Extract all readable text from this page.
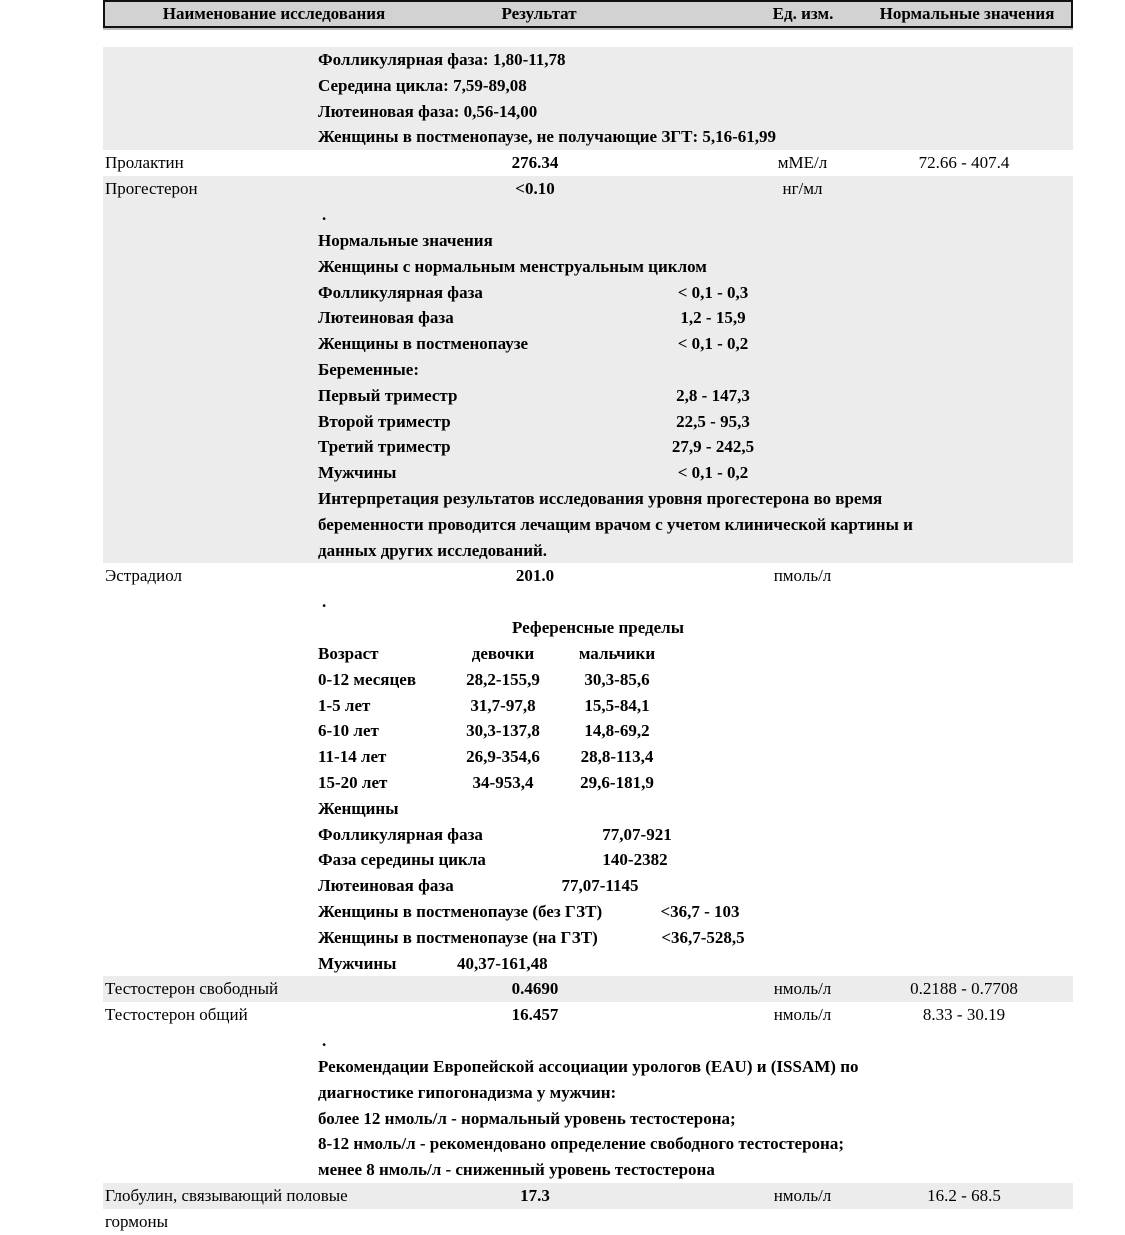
Наименование исследования	Результат	Ед. изм.	Нормальные значения
Фолликулярная фаза: 1,80-11,78
Середина цикла: 7,59-89,08
Лютеиновая фаза: 0,56-14,00
Женщины в постменопаузе, не получающие ЗГТ: 5,16-61,99
Пролактин	276.34	мМЕ/л	72.66 - 407.4
Прогестерон	<0.10	нг/мл
.
Нормальные значения
Женщины с нормальным менструальным циклом
Фолликулярная фаза	< 0,1 - 0,3
Лютеиновая фаза	1,2 - 15,9
Женщины в постменопаузе	< 0,1 - 0,2
Беременные:
Первый триместр	2,8 - 147,3
Второй триместр	22,5 - 95,3
Третий триместр	27,9 - 242,5
Мужчины	< 0,1 - 0,2
Интерпретация результатов исследования уровня прогестерона во время
беременности проводится лечащим врачом с учетом клинической картины и
данных других исследований.
Эстрадиол	201.0	пмоль/л
.
Референсные пределы
Возраст	девочки	мальчики
0-12 месяцев	28,2-155,9	30,3-85,6
1-5 лет	31,7-97,8	15,5-84,1
6-10 лет	30,3-137,8	14,8-69,2
11-14 лет	26,9-354,6	28,8-113,4
15-20 лет	34-953,4	29,6-181,9
Женщины
Фолликулярная фаза	77,07-921
Фаза середины цикла	140-2382
Лютеиновая фаза	77,07-1145
Женщины в постменопаузе (без ГЗТ)	<36,7 - 103
Женщины в постменопаузе (на ГЗТ)	<36,7-528,5
Мужчины	40,37-161,48
Тестостерон свободный	0.4690	нмоль/л	0.2188 - 0.7708
Тестостерон общий	16.457	нмоль/л	8.33 - 30.19
.
Рекомендации Европейской ассоциации урологов (EAU) и (ISSAM) по
диагностике гипогонадизма у мужчин:
более 12 нмоль/л - нормальный уровень тестостерона;
8-12 нмоль/л - рекомендовано определение свободного тестостерона;
менее 8 нмоль/л - сниженный уровень тестостерона
Глобулин, связывающий половые гормоны
17.3	нмоль/л	16.2 - 68.5
